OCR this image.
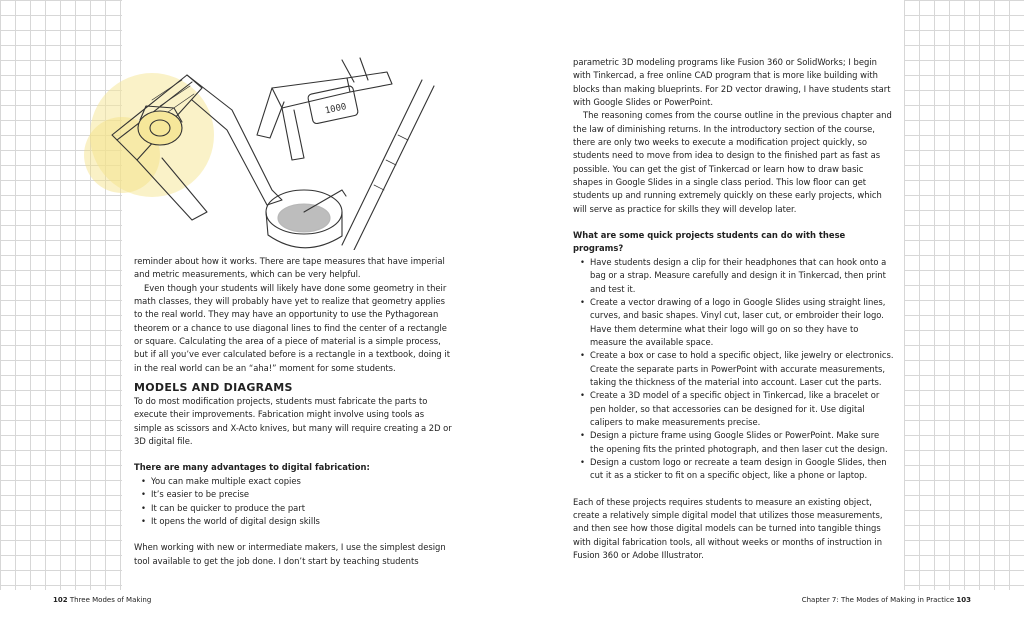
1000

reminder about how it works. There are tape measures that have imperial and metric measurements, which can be very helpful.

Even though your students will likely have done some geometry in their math classes, they will probably have yet to realize that geometry applies to the real world. They may have an opportunity to use the Pythagorean theorem or a chance to use diagonal lines to find the center of a rectangle or square. Calculating the area of a piece of material is a simple process, but if all you’ve ever calculated before is a rectangle in a textbook, doing it in the real world can be an “aha!” moment for some students.

MODELS AND DIAGRAMS

To do most modification projects, students must fabricate the parts to execute their improvements. Fabrication might involve using tools as simple as scissors and X-Acto knives, but many will require creating a 2D or 3D digital file.

There are many advantages to digital fabrication:

• You can make multiple exact copies
• It’s easier to be precise
• It can be quicker to produce the part
• It opens the world of digital design skills

When working with new or intermediate makers, I use the simplest design tool available to get the job done. I don’t start by teaching students

parametric 3D modeling programs like Fusion 360 or SolidWorks; I begin with Tinkercad, a free online CAD program that is more like building with blocks than making blueprints. For 2D vector drawing, I have students start with Google Slides or PowerPoint.

The reasoning comes from the course outline in the previous chapter and the law of diminishing returns. In the introductory section of the course, there are only two weeks to execute a modification project quickly, so students need to move from idea to design to the finished part as fast as possible. You can get the gist of Tinkercad or learn how to draw basic shapes in Google Slides in a single class period. This low floor can get students up and running extremely quickly on these early projects, which will serve as practice for skills they will develop later.

What are some quick projects students can do with these programs?

• Have students design a clip for their headphones that can hook onto a bag or a strap. Measure carefully and design it in Tinkercad, then print and test it.
• Create a vector drawing of a logo in Google Slides using straight lines, curves, and basic shapes. Vinyl cut, laser cut, or embroider their logo. Have them determine what their logo will go on so they have to measure the available space.
• Create a box or case to hold a specific object, like jewelry or electronics. Create the separate parts in PowerPoint with accurate measurements, taking the thickness of the material into account. Laser cut the parts.
• Create a 3D model of a specific object in Tinkercad, like a bracelet or pen holder, so that accessories can be designed for it. Use digital calipers to make measurements precise.
• Design a picture frame using Google Slides or PowerPoint. Make sure the opening fits the printed photograph, and then laser cut the design.
• Design a custom logo or recreate a team design in Google Slides, then cut it as a sticker to fit on a specific object, like a phone or laptop.

Each of these projects requires students to measure an existing object, create a relatively simple digital model that utilizes those measurements, and then see how those digital models can be turned into tangible things with digital fabrication tools, all without weeks or months of instruction in Fusion 360 or Adobe Illustrator.

102 Three Modes of Making	Chapter 7: The Modes of Making in Practice 103
